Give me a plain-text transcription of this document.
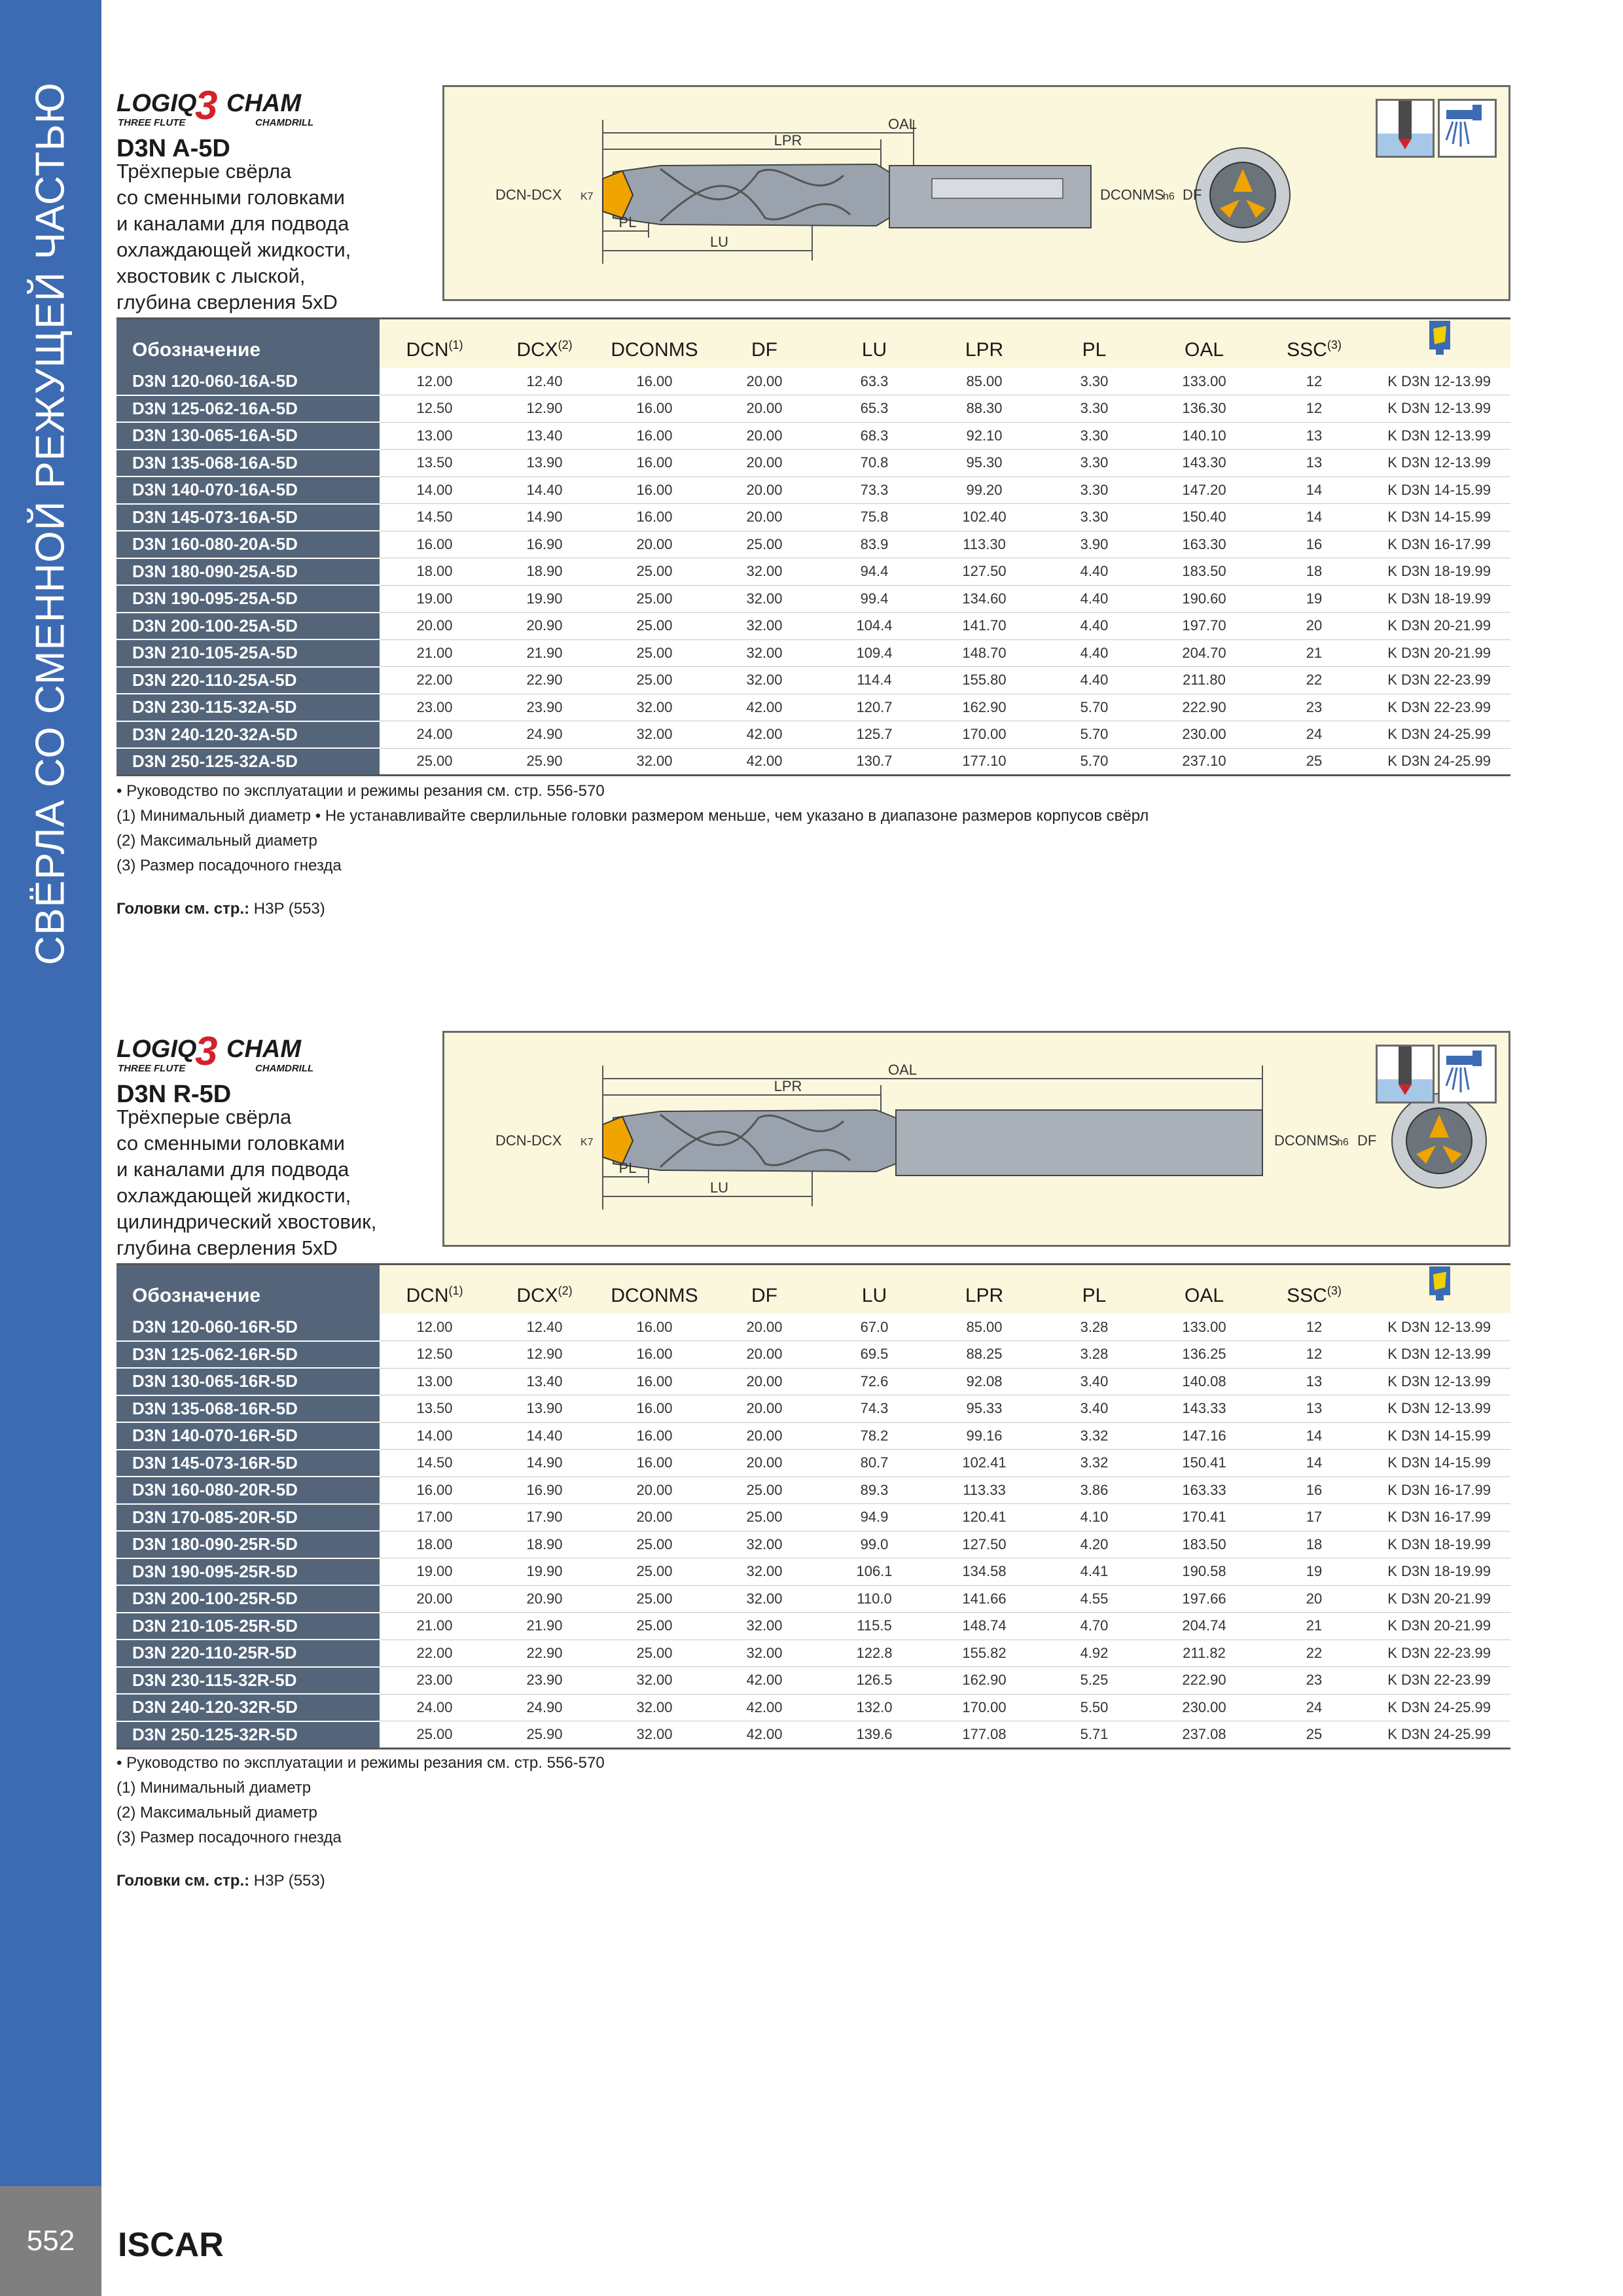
СВЁРЛА СО СМЕННОЙ РЕЖУЩЕЙ ЧАСТЬЮ
552	ISCAR
LOGIQ
3 CHAM
THREE FLUTE	CHAMDRILL
D3N A-5D
Трёхперые свёрла
со сменными головками
и каналами для подвода
охлаждающей жидкости,
хвостовик с лыской,
глубина сверления 5xD
OAL
LPR
LU
PL
DCN-DCX K7	DCONMS
h6 DF
Обозначение	DCN$^{(1)}$	DCX$^{(2)}$	DCONMS	DF	LU	LPR	PL	OAL	SSC$^{(3)}$	
D3N 120-060-16A-5D	12.00	12.40	16.00	20.00	63.3	85.00	3.30	133.00	12	K D3N 12-13.99
D3N 125-062-16A-5D	12.50	12.90	16.00	20.00	65.3	88.30	3.30	136.30	12	K D3N 12-13.99
D3N 130-065-16A-5D	13.00	13.40	16.00	20.00	68.3	92.10	3.30	140.10	13	K D3N 12-13.99
D3N 135-068-16A-5D	13.50	13.90	16.00	20.00	70.8	95.30	3.30	143.30	13	K D3N 12-13.99
D3N 140-070-16A-5D	14.00	14.40	16.00	20.00	73.3	99.20	3.30	147.20	14	K D3N 14-15.99
D3N 145-073-16A-5D	14.50	14.90	16.00	20.00	75.8	102.40	3.30	150.40	14	K D3N 14-15.99
D3N 160-080-20A-5D	16.00	16.90	20.00	25.00	83.9	113.30	3.90	163.30	16	K D3N 16-17.99
D3N 180-090-25A-5D	18.00	18.90	25.00	32.00	94.4	127.50	4.40	183.50	18	K D3N 18-19.99
D3N 190-095-25A-5D	19.00	19.90	25.00	32.00	99.4	134.60	4.40	190.60	19	K D3N 18-19.99
D3N 200-100-25A-5D	20.00	20.90	25.00	32.00	104.4	141.70	4.40	197.70	20	K D3N 20-21.99
D3N 210-105-25A-5D	21.00	21.90	25.00	32.00	109.4	148.70	4.40	204.70	21	K D3N 20-21.99
D3N 220-110-25A-5D	22.00	22.90	25.00	32.00	114.4	155.80	4.40	211.80	22	K D3N 22-23.99
D3N 230-115-32A-5D	23.00	23.90	32.00	42.00	120.7	162.90	5.70	222.90	23	K D3N 22-23.99
D3N 240-120-32A-5D	24.00	24.90	32.00	42.00	125.7	170.00	5.70	230.00	24	K D3N 24-25.99
D3N 250-125-32A-5D	25.00	25.90	32.00	42.00	130.7	177.10	5.70	237.10	25	K D3N 24-25.99
• Руководство по эксплуатации и режимы резания см. стр. 556-570
(1) Минимальный диаметр • Не устанавливайте сверлильные головки размером меньше, чем указано в диапазоне размеров корпусов свёрл
(2) Максимальный диаметр
(3) Размер посадочного гнезда
Головки см. стр.: H3P (553)
LOGIQ
3 CHAM
THREE FLUTE	CHAMDRILL
D3N R-5D
Трёхперые свёрла
со сменными головками
и каналами для подвода
охлаждающей жидкости,
цилиндрический хвостовик,
глубина сверления 5xD
OAL
LPR
LU
PL
DCN-DCX K7	DCONMS
h6 DF
Обозначение	DCN$^{(1)}$	DCX$^{(2)}$	DCONMS	DF	LU	LPR	PL	OAL	SSC$^{(3)}$	
D3N 120-060-16R-5D	12.00	12.40	16.00	20.00	67.0	85.00	3.28	133.00	12	K D3N 12-13.99
D3N 125-062-16R-5D	12.50	12.90	16.00	20.00	69.5	88.25	3.28	136.25	12	K D3N 12-13.99
D3N 130-065-16R-5D	13.00	13.40	16.00	20.00	72.6	92.08	3.40	140.08	13	K D3N 12-13.99
D3N 135-068-16R-5D	13.50	13.90	16.00	20.00	74.3	95.33	3.40	143.33	13	K D3N 12-13.99
D3N 140-070-16R-5D	14.00	14.40	16.00	20.00	78.2	99.16	3.32	147.16	14	K D3N 14-15.99
D3N 145-073-16R-5D	14.50	14.90	16.00	20.00	80.7	102.41	3.32	150.41	14	K D3N 14-15.99
D3N 160-080-20R-5D	16.00	16.90	20.00	25.00	89.3	113.33	3.86	163.33	16	K D3N 16-17.99
D3N 170-085-20R-5D	17.00	17.90	20.00	25.00	94.9	120.41	4.10	170.41	17	K D3N 16-17.99
D3N 180-090-25R-5D	18.00	18.90	25.00	32.00	99.0	127.50	4.20	183.50	18	K D3N 18-19.99
D3N 190-095-25R-5D	19.00	19.90	25.00	32.00	106.1	134.58	4.41	190.58	19	K D3N 18-19.99
D3N 200-100-25R-5D	20.00	20.90	25.00	32.00	110.0	141.66	4.55	197.66	20	K D3N 20-21.99
D3N 210-105-25R-5D	21.00	21.90	25.00	32.00	115.5	148.74	4.70	204.74	21	K D3N 20-21.99
D3N 220-110-25R-5D	22.00	22.90	25.00	32.00	122.8	155.82	4.92	211.82	22	K D3N 22-23.99
D3N 230-115-32R-5D	23.00	23.90	32.00	42.00	126.5	162.90	5.25	222.90	23	K D3N 22-23.99
D3N 240-120-32R-5D	24.00	24.90	32.00	42.00	132.0	170.00	5.50	230.00	24	K D3N 24-25.99
D3N 250-125-32R-5D	25.00	25.90	32.00	42.00	139.6	177.08	5.71	237.08	25	K D3N 24-25.99
• Руководство по эксплуатации и режимы резания см. стр. 556-570
(1) Минимальный диаметр
(2) Максимальный диаметр
(3) Размер посадочного гнезда
Головки см. стр.: H3P (553)
